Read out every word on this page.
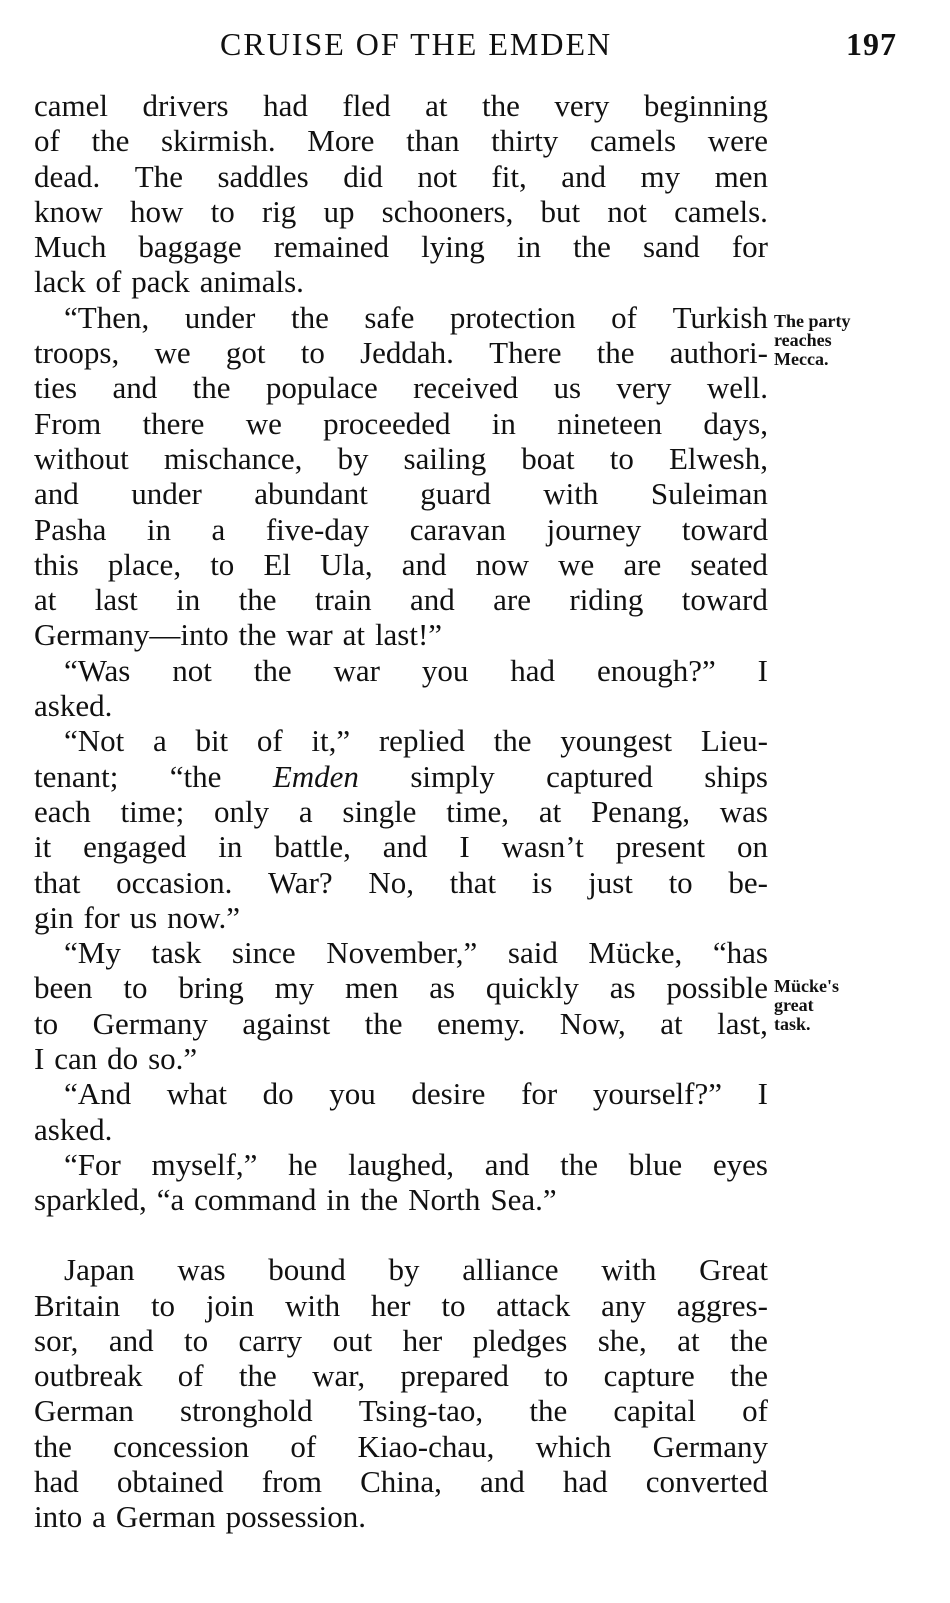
CRUISE OF THE EMDEN	197
camel drivers had fled at the very beginning
of the skirmish. More than thirty camels were
dead. The saddles did not fit, and my men
know how to rig up schooners, but not camels.
Much baggage remained lying in the sand for
lack of pack animals.
“Then, under the safe protection of Turkish
troops, we got to Jeddah. There the authori-
ties and the populace received us very well.
From there we proceeded in nineteen days,
without mischance, by sailing boat to Elwesh,
and under abundant guard with Suleiman
Pasha in a five-day caravan journey toward
this place, to El Ula, and now we are seated
at last in the train and are riding toward
Germany—into the war at last!”
“Was not the war you had enough?” I
asked.
“Not a bit of it,” replied the youngest Lieu-
tenant; “the Emden simply captured ships
each time; only a single time, at Penang, was
it engaged in battle, and I wasn’t present on
that occasion. War? No, that is just to be-
gin for us now.”
“My task since November,” said Mücke, “has
been to bring my men as quickly as possible
to Germany against the enemy. Now, at last,
I can do so.”
“And what do you desire for yourself?” I
asked.
“For myself,” he laughed, and the blue eyes
sparkled, “a command in the North Sea.”
Japan was bound by alliance with Great
Britain to join with her to attack any aggres-
sor, and to carry out her pledges she, at the
outbreak of the war, prepared to capture the
German stronghold Tsing-tao, the capital of
the concession of Kiao-chau, which Germany
had obtained from China, and had converted
into a German possession.
The party
reaches
Mecca.

Mücke's
great
task.
